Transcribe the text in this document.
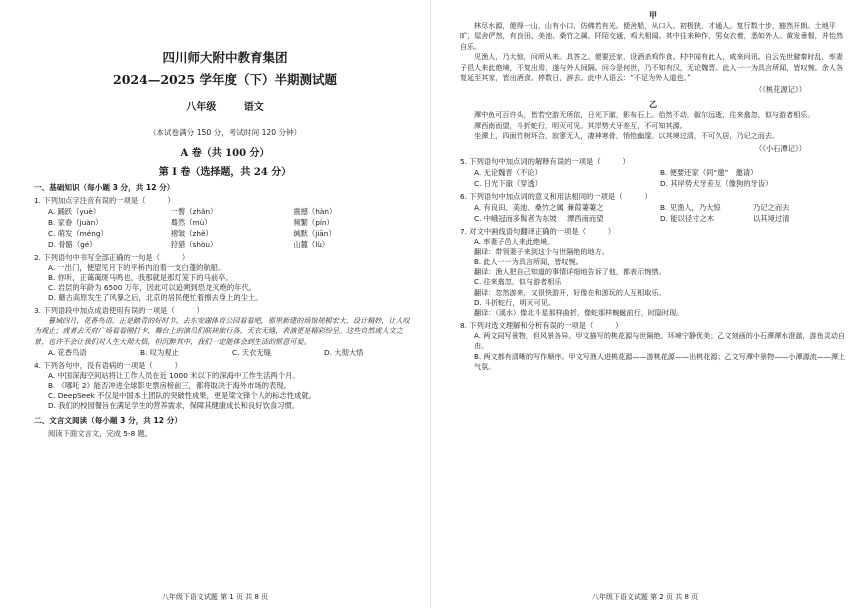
四川师大附中教育集团
2024—2025 学年度（下）半期测试题
八年级	语文
（本试卷满分 150 分，考试时间 120 分钟）
A 卷（共 100 分）
第 I 卷（选择题，共 24 分）
一、基础知识（每小题 3 分，共 12 分）
1. 下列加点字注音有误的一项是（　　　）
A. 踊跃（yuè）	一瞥（zhǎn）	震撼（hàn）
B. 家眷（juàn）	蓦然（mù）	频繁（pín）
C. 萌发（méng）	褶皱（zhě）	缄默（jiān）
D. 骨骼（gé）	狩猎（shòu）	山麓（lù）
2. 下列语句中书写全部正确的一句是（　　　）
A. 一出门，便望见月下的平桥内泊着一支白蓬的航船。
B. 你听，正蔼蔼斑马鸣也，我那就是那灯笼下的马前卒。
C. 岩层的年龄为 6500 万年，因此可以追朔到恐龙灭绝的年代。
D. 蘑古高原发生了风暴之后，北京的居民便忙着擦去身上的尘土。
3. 下列语段中加点成语使用有误的一项是（　　　）
暮域四月，花香鸟语，正是踏青的好时节。去东安湖体育公园看看吧，那里新建的场馆规模宏大，设计精妙，让人叹为观止；或者去天府广场看看刚打卡，舞台上的演员们联袂旅行各，天衣无缝，表演更是精彩纷呈。这些自然或人文之景，也许不会让我们对人生大彻大悟，但沉醉其中，我们一定能体会到生活的惬意可爱。
A. 花香鸟语	B. 叹为观止	C. 天衣无缝	D. 大彻大悟
4. 下列各句中，没有语病的一项是（　　　）
A. 中国深海空间站将让工作人员在近 1000 米以下的深海中工作生活两个月。
B. 《哪吒 2》能否冲进全球影史票房榜前三，都将取决于海外市场的表现。
C. DeepSeek 不仅是中国本土团队的突破性成果，更是梁文锋个人的标志性成就。
D. 我们的校园餐旨在满足学生的营养需求，保障其健康成长和良好饮食习惯。
二、文言文阅读（每小题 3 分，共 12 分）
阅读下面文言文，完成 5-8 题。
八年级下语文试题 第 1 页 共 8 页
甲
林尽水源，便得一山，山有小口，仿佛若有光。便舍船，从口入。初极狭，才通人。复行数十步，豁然开朗。土地平旷，屋舍俨然，有良田、美池、桑竹之属。阡陌交通，鸡犬相闻。其中往来种作，男女衣着，悉如外人。黄发垂髫，并怡然自乐。
见渔人，乃大惊，问所从来。具答之。便要还家，设酒杀鸡作食。村中闻有此人，咸来问讯。自云先世避秦时乱，率妻子邑人来此绝境，不复出焉，遂与外人间隔。问今是何世，乃不知有汉，无论魏晋。此人一一为具言所闻，皆叹惋。余人各复延至其家，皆出酒食。停数日，辞去。此中人语云：“不足为外人道也。”
（《桃花源记》）
乙
潭中鱼可百许头，皆若空游无所依，日光下澈，影布石上。佁然不动，俶尔远逝，往来翕忽，似与游者相乐。
潭西南而望，斗折蛇行，明灭可见。其岸势犬牙差互，不可知其源。
坐潭上，四面竹树环合，寂寥无人，凄神寒骨，悄怆幽邃。以其境过清，不可久居，乃记之而去。
（《小石潭记》）
5. 下列语句中加点词的解释有误的一项是（　　　）
A. 无论魏晋（不论）	B. 便要还家（同“邀”　邀请）
C. 日光下澈（穿透）	D. 其岸势犬牙差互（像狗的牙齿）
6. 下列语句中加点词的意义和用法相同的一项是（　　　）
A. 有良田、美池、桑竹之属 蒹葭萋萋之	B. 见渔人，乃大惊	乃记之而去
C. 中峨冠而多髯者为东坡	潭西南而望	D. 能以径寸之木	以其境过清
7. 对文中画线语句翻译正确的一项是（　　　）
A. 率妻子邑人来此绝境。
翻译：带领妻子来到这个与世隔绝的地方。
B. 此人一一为具言所闻，皆叹惋。
翻译：渔人把自己知道的事情详细地告诉了他，都表示惋惜。
C. 往来翕忽，似与游者相乐
翻译：忽然游来，又很快游开，好像在和游玩的人互相取乐。
D. 斗折蛇行，明灭可见。
翻译：（溪水）像北斗星那样曲折，像蛇那样蜿蜒前行，时隐时现。
8. 下列对选文理解和分析有误的一项是（　　　）
A. 两文同写景物，但风景各异。甲文描写的桃花源与世隔绝，环境宁静优美；乙文刻画的小石潭潭水澄澈，游鱼灵动自由。
B. 两文都有清晰的写作顺序。甲文写渔人进桃花源——游桃花源——出桃花源；乙文写潭中景物——小潭源流——潭上气氛。
八年级下语文试题 第 2 页 共 8 页
